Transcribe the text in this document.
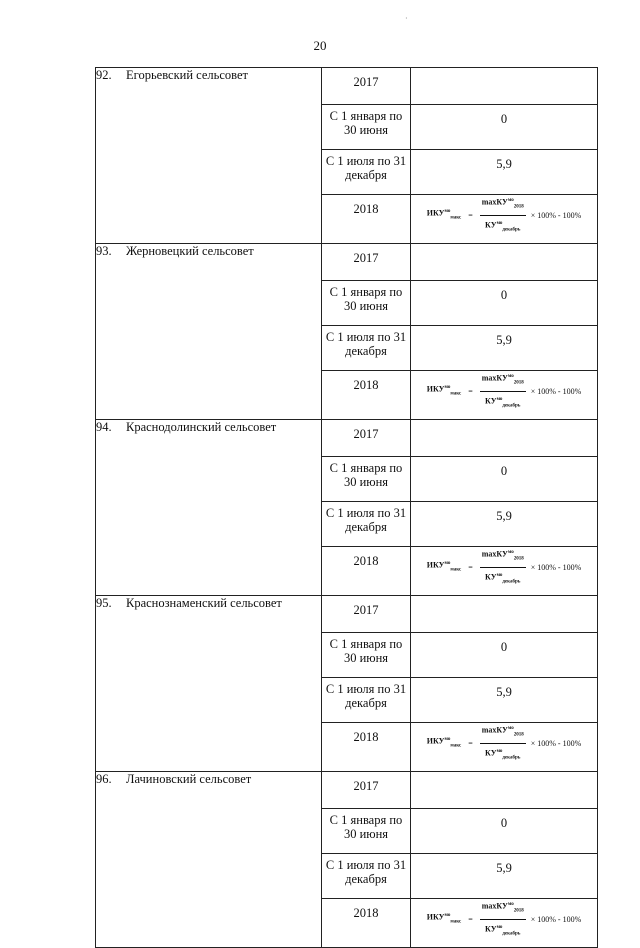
·
20
92. Егорьевский сельсовет	2017	
	С 1 января по 30 июня	0
	С 1 июля по 31 декабря	5,9
	2018	$ИКУ^{мо}_{макс} = \frac{\max КУ^{мо}_{2018}}{КУ^{мо}_{декабрь}} \times 100\% - 100\%$

93. Жерновецкий сельсовет	2017	
	С 1 января по 30 июня	0
	С 1 июля по 31 декабря	5,9
	2018	$ИКУ^{мо}_{макс} = \frac{\max КУ^{мо}_{2018}}{КУ^{мо}_{декабрь}} \times 100\% - 100\%$

94. Краснодолинский сельсовет	2017	
	С 1 января по 30 июня	0
	С 1 июля по 31 декабря	5,9
	2018	$ИКУ^{мо}_{макс} = \frac{\max КУ^{мо}_{2018}}{КУ^{мо}_{декабрь}} \times 100\% - 100\%$

95. Краснознаменский сельсовет	2017	
	С 1 января по 30 июня	0
	С 1 июля по 31 декабря	5,9
	2018	$ИКУ^{мо}_{макс} = \frac{\max КУ^{мо}_{2018}}{КУ^{мо}_{декабрь}} \times 100\% - 100\%$

96. Лачиновский сельсовет	2017	
	С 1 января по 30 июня	0
	С 1 июля по 31 декабря	5,9
	2018	$ИКУ^{мо}_{макс} = \frac{\max КУ^{мо}_{2018}}{КУ^{мо}_{декабрь}} \times 100\% - 100\%$
